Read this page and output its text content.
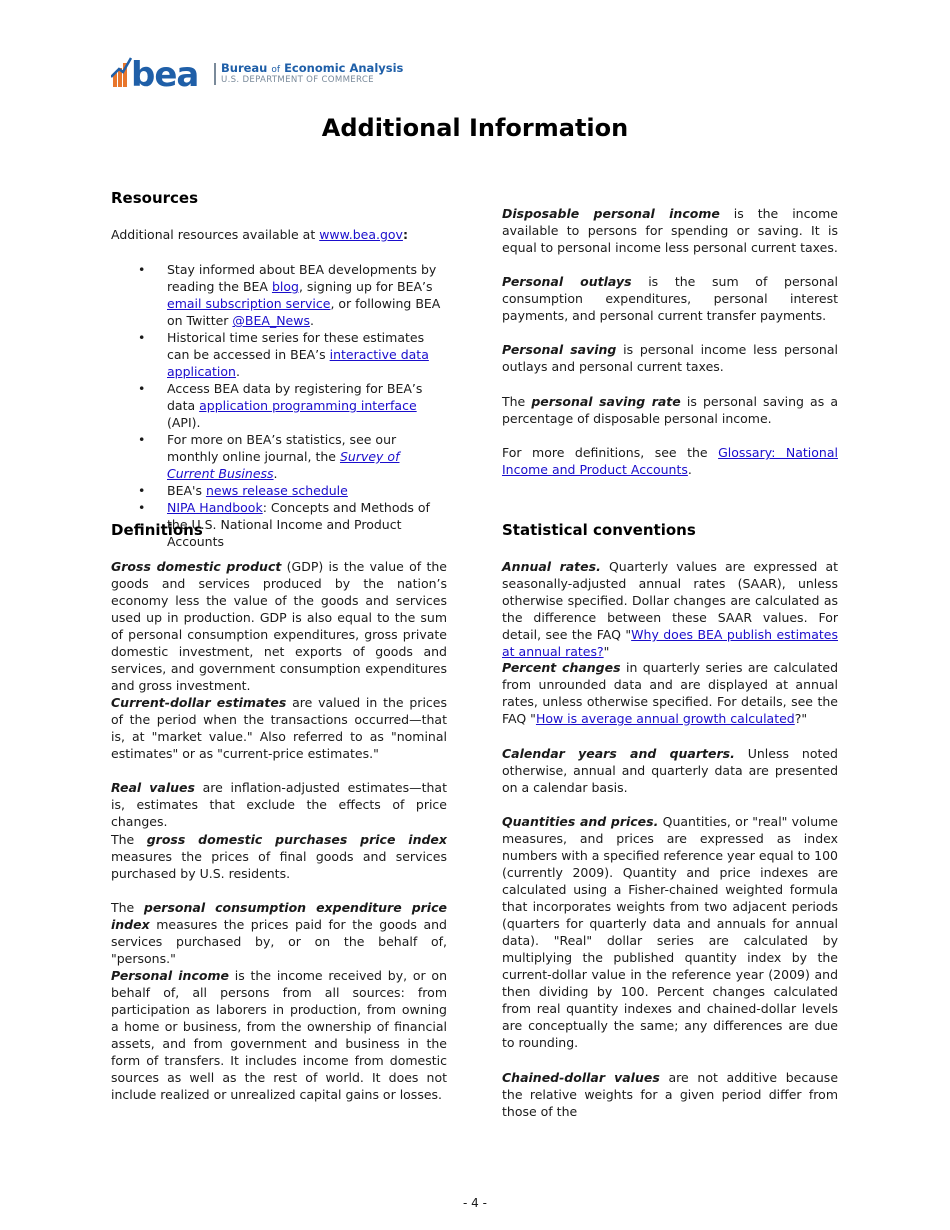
bea Bureau of Economic Analysis
U.S. DEPARTMENT OF COMMERCE
Additional Information
Resources

Additional resources available at www.bea.gov:

• Stay informed about BEA developments by reading the BEA blog, signing up for BEA’s email subscription service, or following BEA on Twitter @BEA_News.
• Historical time series for these estimates can be accessed in BEA’s interactive data application.
• Access BEA data by registering for BEA’s data application programming interface (API).
• For more on BEA’s statistics, see our monthly online journal, the Survey of Current Business.
• BEA's news release schedule
• NIPA Handbook: Concepts and Methods of the U.S. National Income and Product Accounts
Definitions

Gross domestic product (GDP) is the value of the goods and services produced by the nation’s economy less the value of the goods and services used up in production. GDP is also equal to the sum of personal consumption expenditures, gross private domestic investment, net exports of goods and services, and government consumption expenditures and gross investment.

Current-dollar estimates are valued in the prices of the period when the transactions occurred—that is, at "market value." Also referred to as "nominal estimates" or as "current-price estimates."

Real values are inflation-adjusted estimates—that is, estimates that exclude the effects of price changes.

The gross domestic purchases price index measures the prices of final goods and services purchased by U.S. residents.

The personal consumption expenditure price index measures the prices paid for the goods and services purchased by, or on the behalf of, "persons."

Personal income is the income received by, or on behalf of, all persons from all sources: from participation as laborers in production, from owning a home or business, from the ownership of financial assets, and from government and business in the form of transfers. It includes income from domestic sources as well as the rest of world. It does not include realized or unrealized capital gains or losses.

Disposable personal income is the income available to persons for spending or saving. It is equal to personal income less personal current taxes.

Personal outlays is the sum of personal consumption expenditures, personal interest payments, and personal current transfer payments.

Personal saving is personal income less personal outlays and personal current taxes.

The personal saving rate is personal saving as a percentage of disposable personal income.

For more definitions, see the Glossary: National Income and Product Accounts.

Statistical conventions

Annual rates. Quarterly values are expressed at seasonally-adjusted annual rates (SAAR), unless otherwise specified. Dollar changes are calculated as the difference between these SAAR values. For detail, see the FAQ "Why does BEA publish estimates at annual rates?"

Percent changes in quarterly series are calculated from unrounded data and are displayed at annual rates, unless otherwise specified. For details, see the FAQ "How is average annual growth calculated?"

Calendar years and quarters. Unless noted otherwise, annual and quarterly data are presented on a calendar basis.

Quantities and prices. Quantities, or "real" volume measures, and prices are expressed as index numbers with a specified reference year equal to 100 (currently 2009). Quantity and price indexes are calculated using a Fisher-chained weighted formula that incorporates weights from two adjacent periods (quarters for quarterly data and annuals for annual data). "Real" dollar series are calculated by multiplying the published quantity index by the current-dollar value in the reference year (2009) and then dividing by 100. Percent changes calculated from real quantity indexes and chained-dollar levels are conceptually the same; any differences are due to rounding.

Chained-dollar values are not additive because the relative weights for a given period differ from those of the

- 4 -
